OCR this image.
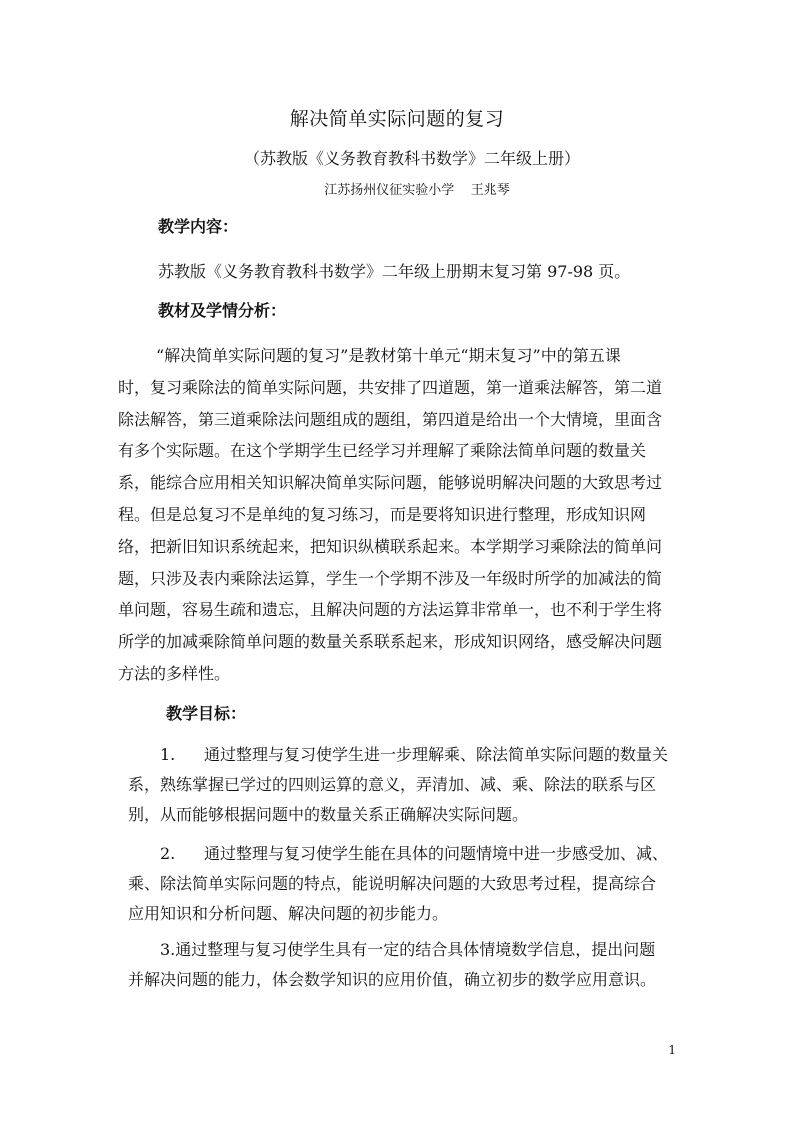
解决简单实际问题的复习
（苏教版《义务教育教科书数学》二年级上册）
江苏扬州仪征实验小学    王兆琴
教学内容：
苏教版《义务教育教科书数学》二年级上册期末复习第 97-98 页。
教材及学情分析：
“解决简单实际问题的复习”是教材第十单元“期末复习”中的第五课
时，复习乘除法的简单实际问题，共安排了四道题，第一道乘法解答，第二道
除法解答，第三道乘除法问题组成的题组，第四道是给出一个大情境，里面含
有多个实际题。在这个学期学生已经学习并理解了乘除法简单问题的数量关
系，能综合应用相关知识解决简单实际问题，能够说明解决问题的大致思考过
程。但是总复习不是单纯的复习练习，而是要将知识进行整理，形成知识网
络，把新旧知识系统起来，把知识纵横联系起来。本学期学习乘除法的简单问
题，只涉及表内乘除法运算，学生一个学期不涉及一年级时所学的加减法的简
单问题，容易生疏和遗忘，且解决问题的方法运算非常单一，也不利于学生将
所学的加减乘除简单问题的数量关系联系起来，形成知识网络，感受解决问题
方法的多样性。
教学目标：
1. 通过整理与复习使学生进一步理解乘、除法简单实际问题的数量关
系，熟练掌握已学过的四则运算的意义，弄清加、减、乘、除法的联系与区
别，从而能够根据问题中的数量关系正确解决实际问题。
2. 通过整理与复习使学生能在具体的问题情境中进一步感受加、减、
乘、除法简单实际问题的特点，能说明解决问题的大致思考过程，提高综合
应用知识和分析问题、解决问题的初步能力。
3.通过整理与复习使学生具有一定的结合具体情境数学信息，提出问题
并解决问题的能力，体会数学知识的应用价值，确立初步的数学应用意识。
1
